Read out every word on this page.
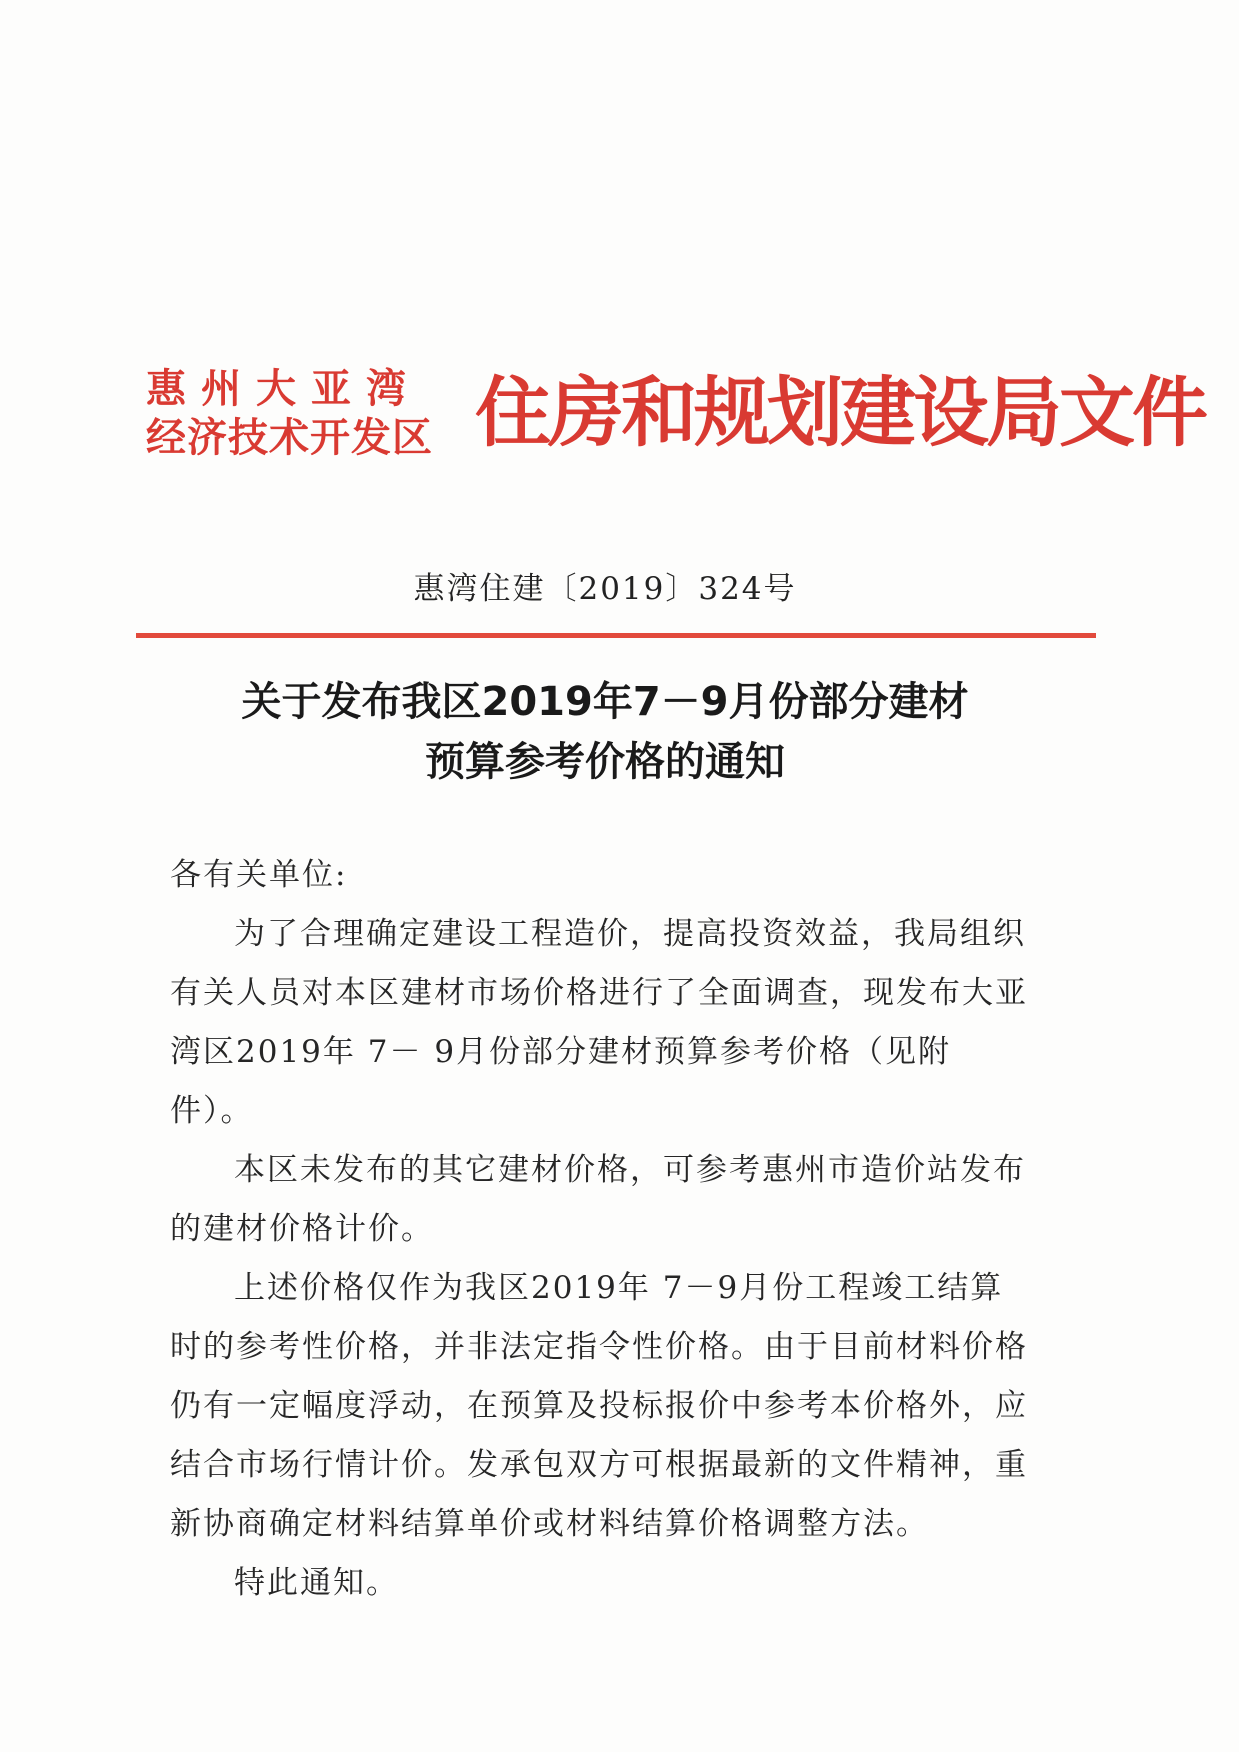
惠州大亚湾
经济技术开发区 住房和规划建设局文件
惠湾住建〔2019〕324号
关于发布我区2019年7－9月份部分建材
预算参考价格的通知

各有关单位:

为了合理确定建设工程造价，提高投资效益，我局组织有关人员对本区建材市场价格进行了全面调查，现发布大亚湾区2019年 7－ 9月份部分建材预算参考价格（见附件）。

本区未发布的其它建材价格，可参考惠州市造价站发布的建材价格计价。

上述价格仅作为我区2019年 7－9月份工程竣工结算时的参考性价格，并非法定指令性价格。由于目前材料价格仍有一定幅度浮动，在预算及投标报价中参考本价格外，应结合市场行情计价。发承包双方可根据最新的文件精神，重新协商确定材料结算单价或材料结算价格调整方法。

特此通知。
